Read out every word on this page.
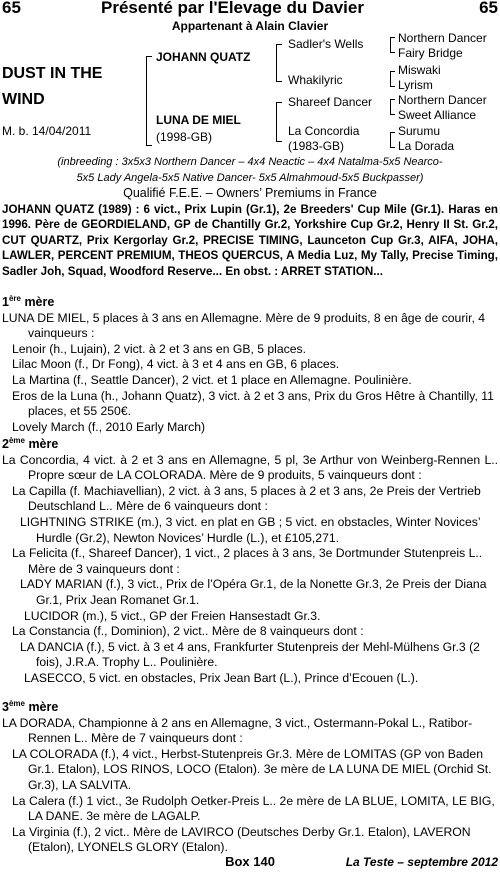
65	Présenté par l'Elevage du Davier	65
Appartenant à Alain Clavier
DUST IN THE
WIND
M. b. 14/04/2011
JOHANN QUATZ
LUNA DE MIEL
(1998-GB)
Sadler's Wells
Whakilyric
Shareef Dancer
La Concordia
(1983-GB)
Northern Dancer
Fairy Bridge
Miswaki
Lyrism
Northern Dancer
Sweet Alliance
Surumu
La Dorada
(inbreeding : 3x5x3 Northern Dancer – 4x4 Neactic – 4x4 Natalma-5x5 Nearco-
5x5 Lady Angela-5x5 Native Dancer- 5x5 Almahmoud-5x5 Buckpasser)
Qualifié F.E.E. – Owners’ Premiums in France
JOHANN QUATZ (1989) : 6 vict., Prix Lupin (Gr.1), 2e Breeders' Cup Mile (Gr.1). Haras en 1996. Père de GEORDIELAND, GP de Chantilly Gr.2, Yorkshire Cup Gr.2, Henry II St. Gr.2, CUT QUARTZ, Prix Kergorlay Gr.2, PRECISE TIMING, Launceton Cup Gr.3, AIFA, JOHA, LAWLER, PERCENT PREMIUM, THEOS QUERCUS, A Media Luz, My Tally, Precise Timing, Sadler Joh, Squad, Woodford Reserve... En obst. : ARRET STATION...
1ère mère
LUNA DE MIEL, 5 places à 3 ans en Allemagne. Mère de 9 produits, 8 en âge de courir, 4 vainqueurs :
Lenoir (h., Lujain), 2 vict. à 2 et 3 ans en GB, 5 places.
Lilac Moon (f., Dr Fong), 4 vict. à 3 et 4 ans en GB, 6 places.
La Martina (f., Seattle Dancer), 2 vict. et 1 place en Allemagne. Poulinière.
Eros de la Luna (h., Johann Quatz), 3 vict. à 2 et 3 ans, Prix du Gros Hêtre à Chantilly, 11 places, et 55 250€.
Lovely March (f., 2010 Early March)
2ème mère
La Concordia, 4 vict. à 2 et 3 ans en Allemagne, 5 pl, 3e Arthur von Weinberg-Rennen L.. Propre sœur de LA COLORADA. Mère de 9 produits, 5 vainqueurs dont :
La Capilla (f. Machiavellian), 2 vict. à 3 ans, 5 places à 2 et 3 ans, 2e Preis der Vertrieb Deutschland L.. Mère de 6 vainqueurs dont :
LIGHTNING STRIKE (m.), 3 vict. en plat en GB ; 5 vict. en obstacles, Winter Novices’ Hurdle (Gr.2), Newton Novices’ Hurdle (L.), et £105,271.
La Felicita (f., Shareef Dancer), 1 vict., 2 places à 3 ans, 3e Dortmunder Stutenpreis L.. Mère de 3 vainqueurs dont :
LADY MARIAN (f.), 3 vict., Prix de l’Opéra Gr.1, de la Nonette Gr.3, 2e Preis der Diana Gr.1, Prix Jean Romanet Gr.1.
LUCIDOR (m.), 5 vict., GP der Freien Hansestadt Gr.3.
La Constancia (f., Dominion), 2 vict.. Mère de 8 vainqueurs dont :
LA DANCIA (f.), 5 vict. à 3 et 4 ans, Frankfurter Stutenpreis der Mehl-Mülhens Gr.3 (2 fois), J.R.A. Trophy L.. Poulinière.
LASECCO, 5 vict. en obstacles, Prix Jean Bart (L.), Prince d’Ecouen (L.).
3ème mère
LA DORADA, Championne à 2 ans en Allemagne, 3 vict., Ostermann-Pokal L., Ratibor-Rennen L.. Mère de 7 vainqueurs dont :
LA COLORADA (f.), 4 vict., Herbst-Stutenpreis Gr.3. Mère de LOMITAS (GP von Baden Gr.1. Etalon), LOS RINOS, LOCO (Etalon). 3e mère de LA LUNA DE MIEL (Orchid St. Gr.3), LA SALVITA.
La Calera (f.) 1 vict., 3e Rudolph Oetker-Preis L.. 2e mère de LA BLUE, LOMITA, LE BIG, LA DANE. 3e mère de LAGALP.
La Virginia (f.), 2 vict.. Mère de LAVIRCO (Deutsches Derby Gr.1. Etalon), LAVERON (Etalon), LYONELS GLORY (Etalon).
Box 140	La Teste – septembre 2012
